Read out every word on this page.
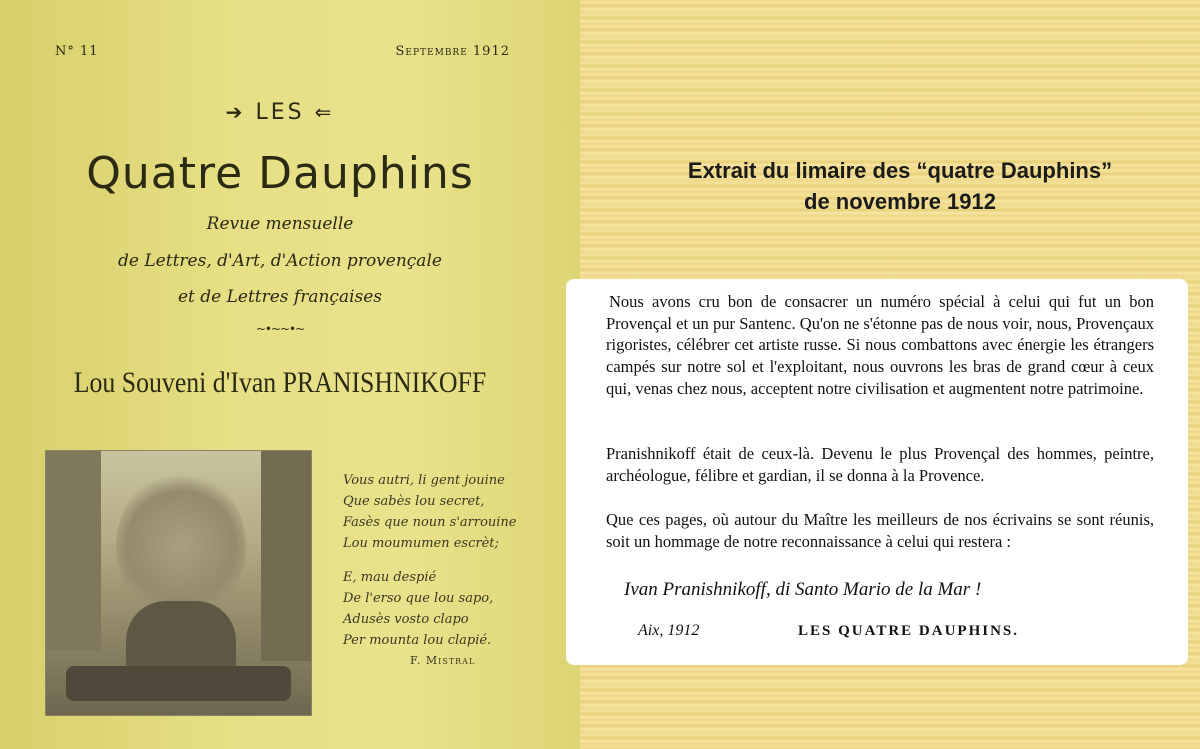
N° 11	Septembre 1912
➔ LES ⇐
Quatre Dauphins
Revue mensuelle
de Lettres, d'Art, d'Action provençale
et de Lettres françaises
~•~~•~
Lou Souveni d'Ivan PRANISHNIKOFF
Vous autri, li gent jouine
Que sabès lou secret,
Fasès que noun s'arrouine
Lou moumumen escrèt;
E, mau despié
De l'erso que lou sapo,
Adusès vosto clapo
Per mounta lou clapié.
F. Mistral
Extrait du limaire des “quatre Dauphins”
de novembre 1912

Nous avons cru bon de consacrer un numéro spécial à celui qui fut un bon Provençal et un pur Santenc. Qu'on ne s'étonne pas de nous voir, nous, Provençaux rigoristes, célébrer cet artiste russe. Si nous combattons avec énergie les étrangers campés sur notre sol et l'exploitant, nous ouvrons les bras de grand cœur à ceux qui, venas chez nous, acceptent notre civilisation et augmentent notre patrimoine.

Pranishnikoff était de ceux-là. Devenu le plus Provençal des hommes, peintre, archéologue, félibre et gardian, il se donna à la Provence.

Que ces pages, où autour du Maître les meilleurs de nos écrivains se sont réunis, soit un hommage de notre reconnaissance à celui qui restera :

Ivan Pranishnikoff, di Santo Mario de la Mar !
Aix, 1912	LES QUATRE DAUPHINS.
